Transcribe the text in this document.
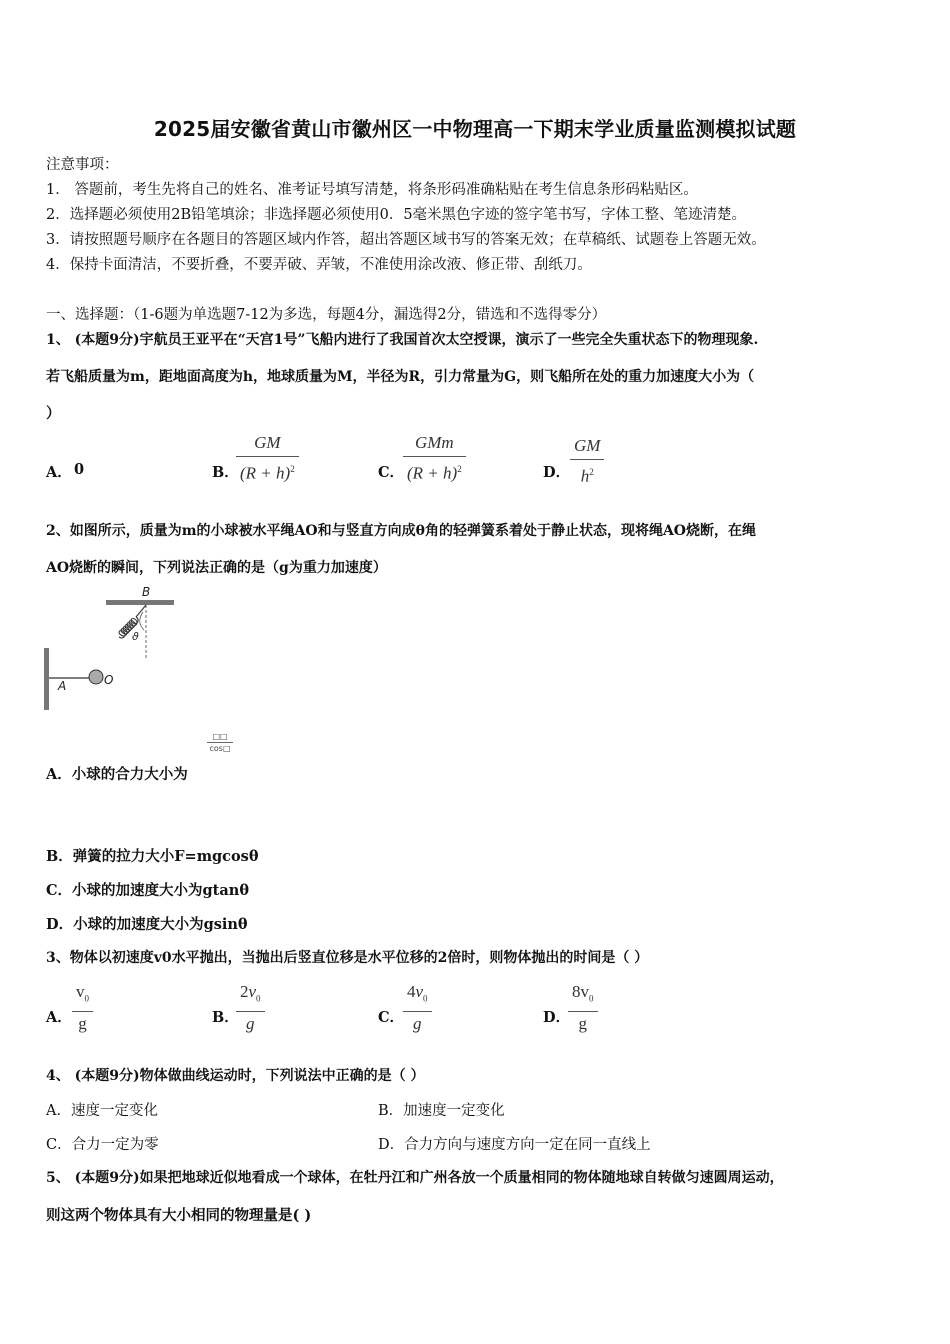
2025届安徽省黄山市徽州区一中物理高一下期末学业质量监测模拟试题
注意事项：
1． 答题前，考生先将自己的姓名、准考证号填写清楚，将条形码准确粘贴在考生信息条形码粘贴区。
2．选择题必须使用2B铅笔填涂；非选择题必须使用0．5毫米黑色字迹的签字笔书写，字体工整、笔迹清楚。
3．请按照题号顺序在各题目的答题区域内作答，超出答题区域书写的答案无效；在草稿纸、试题卷上答题无效。
4．保持卡面清洁，不要折叠，不要弄破、弄皱，不准使用涂改液、修正带、刮纸刀。
一、选择题：（1-6题为单选题7-12为多选，每题4分，漏选得2分，错选和不选得零分）
1、 (本题9分)宇航员王亚平在“天宫1号”飞船内进行了我国首次太空授课，演示了一些完全失重状态下的物理现象.
若飞船质量为m，距地面高度为h，地球质量为M，半径为R，引力常量为G，则飞船所在处的重力加速度大小为（
）
A． 0	B．
GM
$(R + h)^2$	C．
GMm
$(R + h)^2$	D．
GM
$h^2$
2、如图所示，质量为m的小球被水平绳AO和与竖直方向成θ角的轻弹簧系着处于静止状态，现将绳AO烧断，在绳
AO烧断的瞬间，下列说法正确的是（g为重力加速度）
B
ϑ
A	O
□□
cos□
A．小球的合力大小为
B．弹簧的拉力大小F=mgcosθ
C．小球的加速度大小为gtanθ
D．小球的加速度大小为gsinθ
3、物体以初速度v0水平抛出，当抛出后竖直位移是水平位移的2倍时，则物体抛出的时间是（ ）
A．
$v_0$
g	B．
$2v_0$
g	C．
$4v_0$
g	D．
$8v_0$
g
4、 (本题9分)物体做曲线运动时，下列说法中正确的是（ ）
A．速度一定变化	B．加速度一定变化
C．合力一定为零	D．合力方向与速度方向一定在同一直线上
5、 (本题9分)如果把地球近似地看成一个球体，在牡丹江和广州各放一个质量相同的物体随地球自转做匀速圆周运动，
则这两个物体具有大小相同的物理量是( )
